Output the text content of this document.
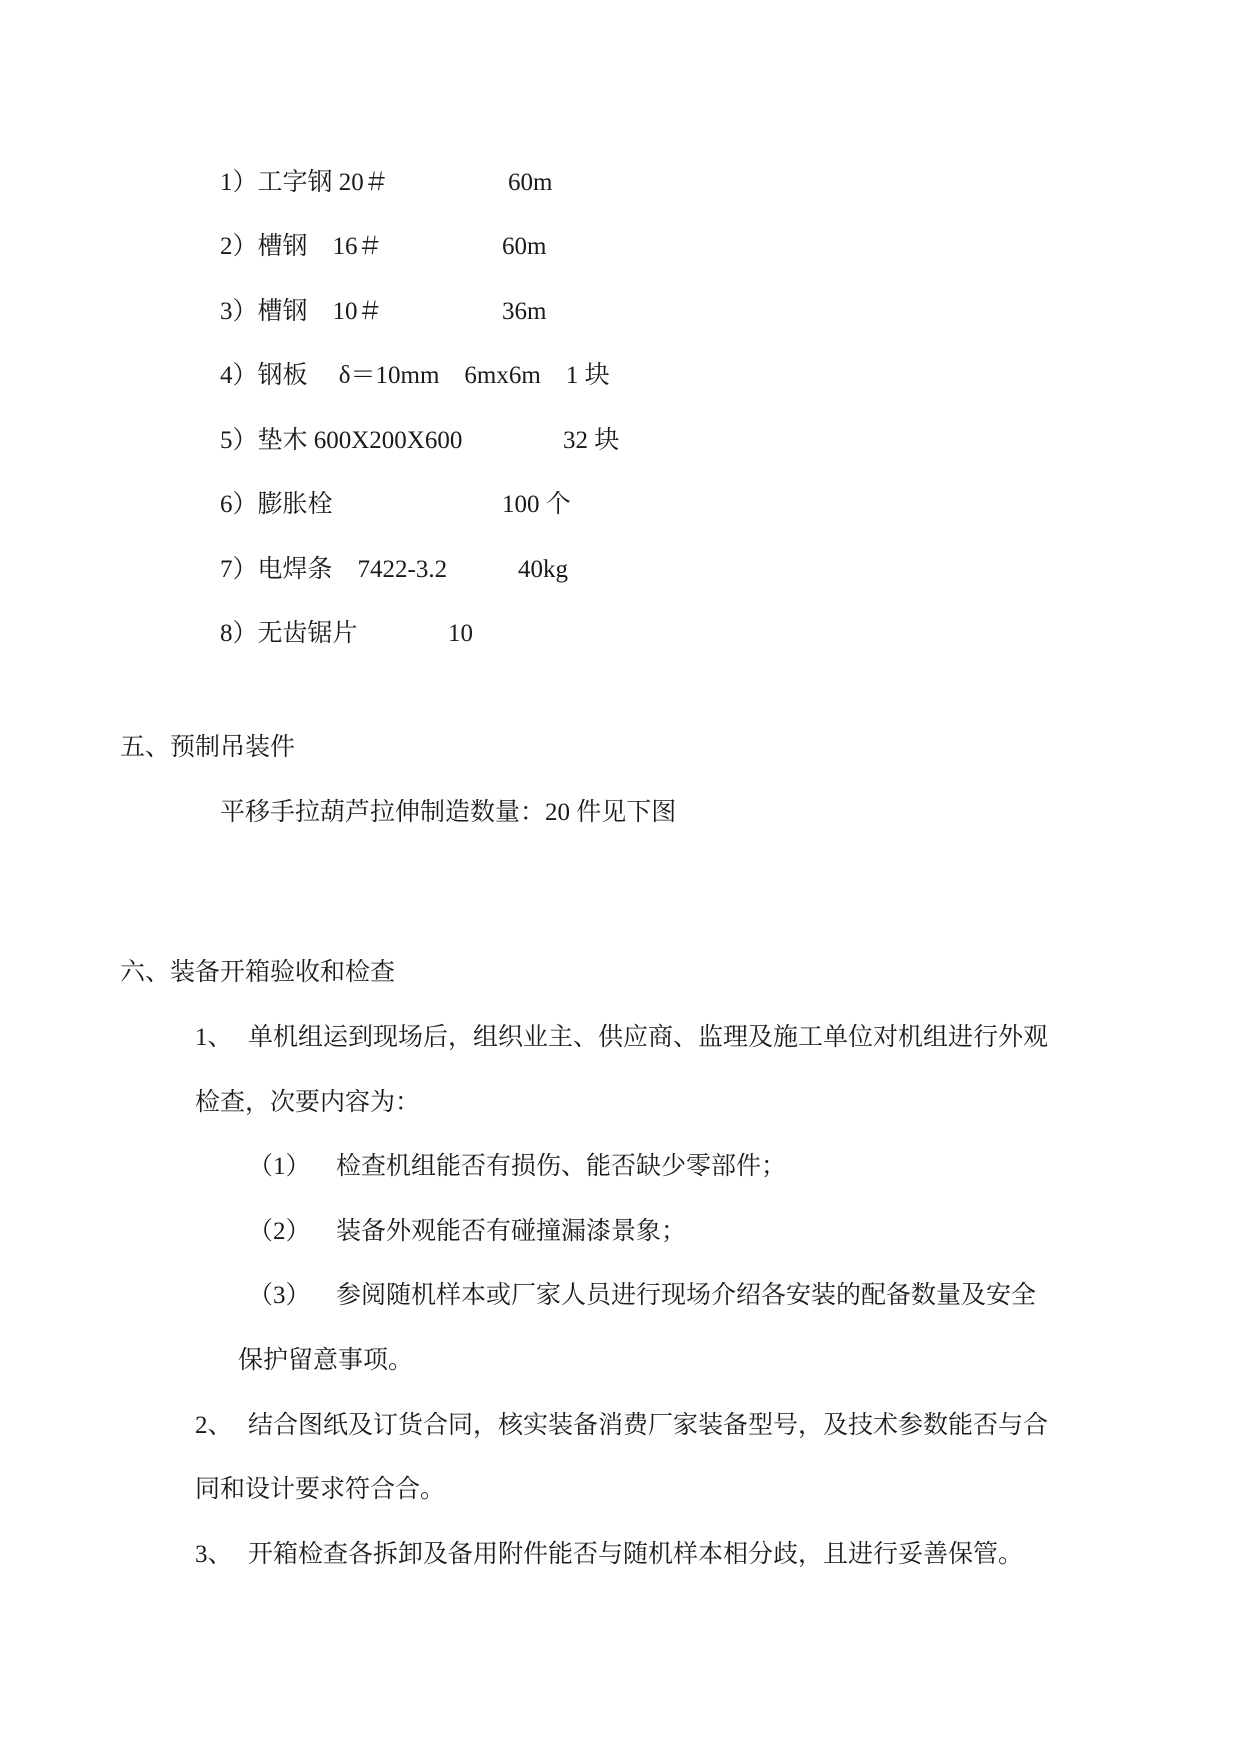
1）工字钢 20＃	60m
2）槽钢　16＃	60m
3）槽钢　10＃	36m
4）钢板　 δ＝10mm　6mx6m　1 块
5）垫木 600X200X600	32 块
6）膨胀栓	100 个
7）电焊条　7422-3.2	40kg
8）无齿锯片	10
五、预制吊装件
平移手拉葫芦拉伸制造数量：20 件见下图
六、装备开箱验收和检查
1、 单机组运到现场后，组织业主、供应商、监理及施工单位对机组进行外观
检查，次要内容为：
（1） 检查机组能否有损伤、能否缺少零部件；
（2） 装备外观能否有碰撞漏漆景象；
（3） 参阅随机样本或厂家人员进行现场介绍各安装的配备数量及安全
保护留意事项。
2、 结合图纸及订货合同，核实装备消费厂家装备型号，及技术参数能否与合
同和设计要求符合合。
3、 开箱检查各拆卸及备用附件能否与随机样本相分歧，且进行妥善保管。
